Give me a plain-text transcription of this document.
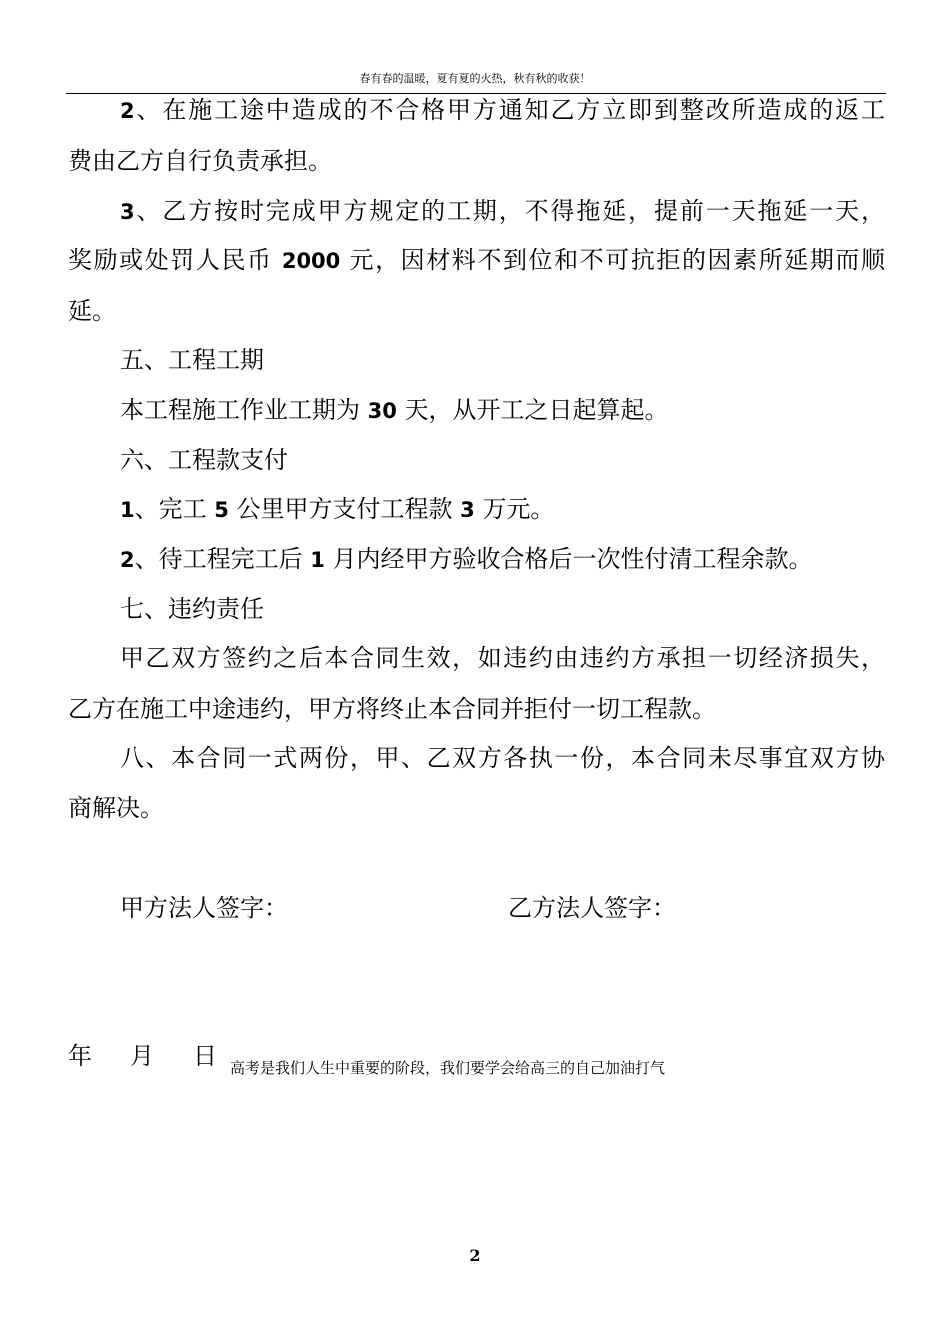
春有春的温暖，夏有夏的火热，秋有秋的收获！
2、在施工途中造成的不合格甲方通知乙方立即到整改所造成的返工
费由乙方自行负责承担。
3、乙方按时完成甲方规定的工期，不得拖延，提前一天拖延一天，
奖励或处罚人民币 2000 元，因材料不到位和不可抗拒的因素所延期而顺
延。
五、工程工期
本工程施工作业工期为 30 天，从开工之日起算起。
六、工程款支付
1、完工 5 公里甲方支付工程款 3 万元。
2、待工程完工后 1 月内经甲方验收合格后一次性付清工程余款。
七、违约责任
甲乙双方签约之后本合同生效，如违约由违约方承担一切经济损失，
乙方在施工中途违约，甲方将终止本合同并拒付一切工程款。
八、本合同一式两份，甲、乙双方各执一份，本合同未尽事宜双方协
商解决。
甲方法人签字：	乙方法人签字：
年 月 日 高考是我们人生中重要的阶段，我们要学会给高三的自己加油打气
2
